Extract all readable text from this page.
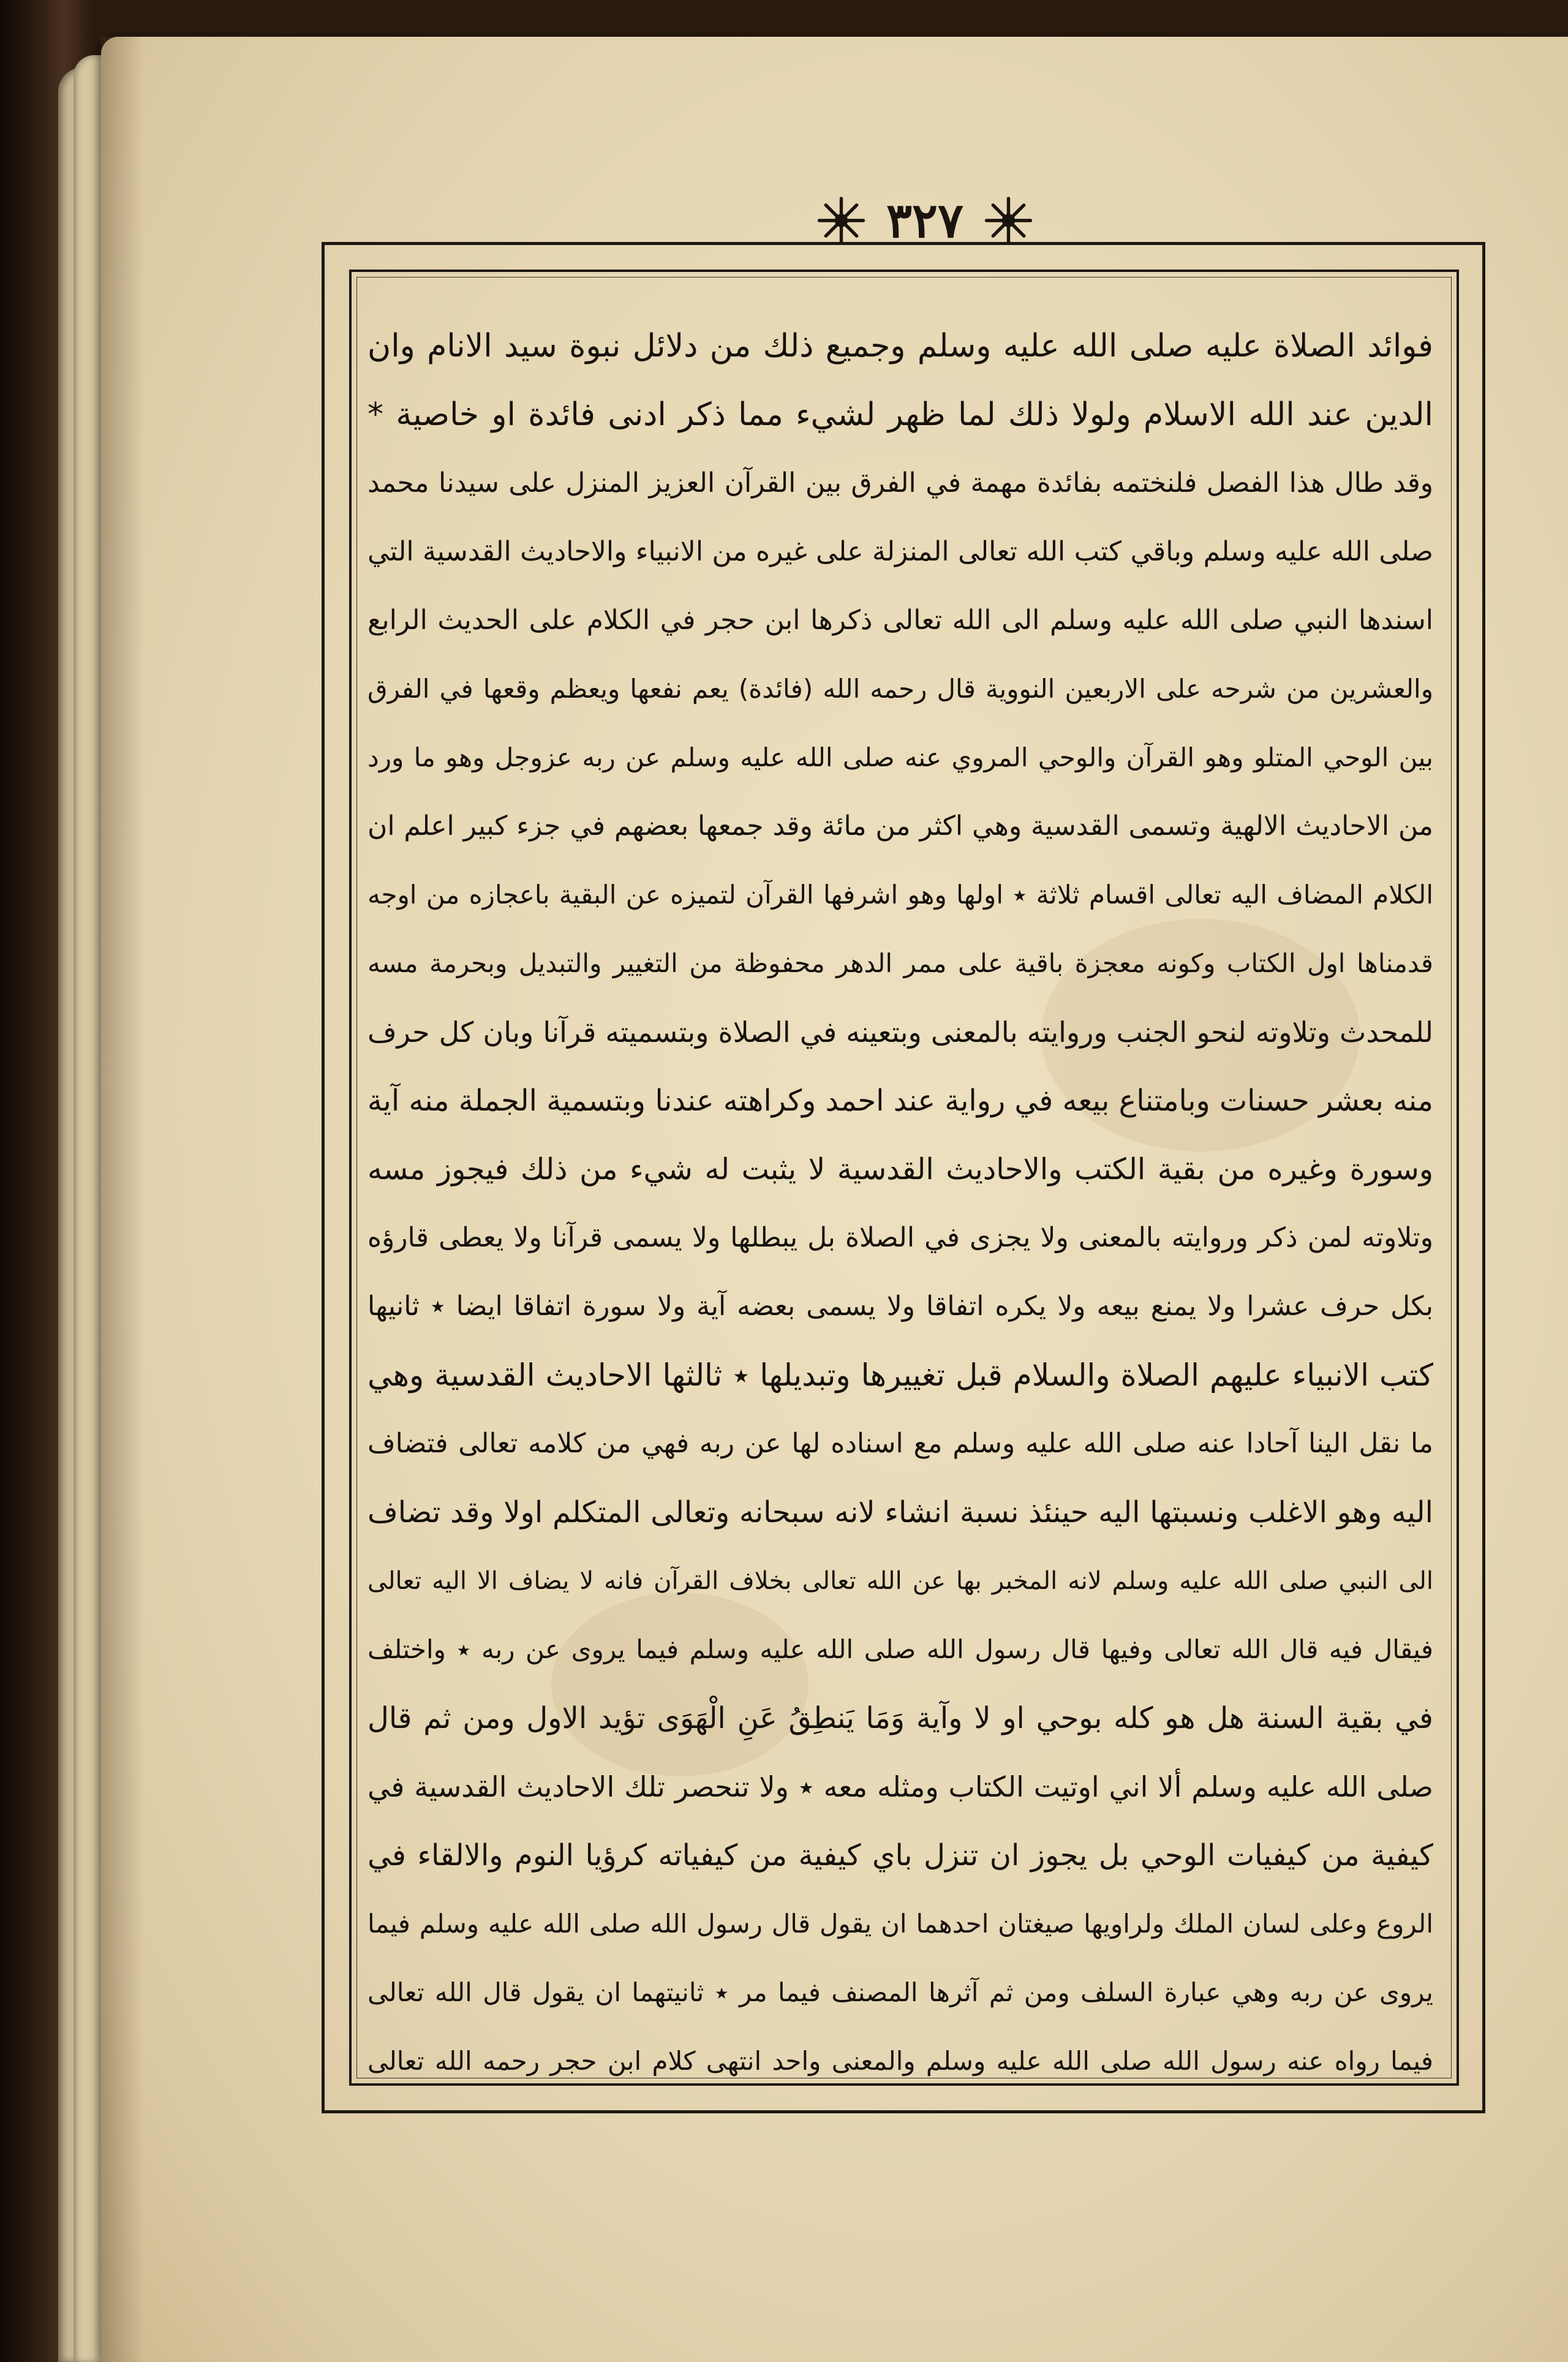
٣٢٧
فوائد الصلاة عليه صلى الله عليه وسلم وجميع ذلك من دلائل نبوة سيد الانام وان
الدين عند الله الاسلام ولولا ذلك لما ظهر لشيء مما ذكر ادنى فائدة او خاصية *
وقد طال هذا الفصل فلنختمه بفائدة مهمة في الفرق بين القرآن العزيز المنزل على سيدنا محمد
صلى الله عليه وسلم وباقي كتب الله تعالى المنزلة على غيره من الانبياء والاحاديث القدسية التي
اسندها النبي صلى الله عليه وسلم الى الله تعالى ذكرها ابن حجر في الكلام على الحديث الرابع
والعشرين من شرحه على الاربعين النووية قال رحمه الله (فائدة) يعم نفعها ويعظم وقعها في الفرق
بين الوحي المتلو وهو القرآن والوحي المروي عنه صلى الله عليه وسلم عن ربه عزوجل وهو ما ورد
من الاحاديث الالهية وتسمى القدسية وهي اكثر من مائة وقد جمعها بعضهم في جزء كبير اعلم ان
الكلام المضاف اليه تعالى اقسام ثلاثة ٭ اولها وهو اشرفها القرآن لتميزه عن البقية باعجازه من اوجه
قدمناها اول الكتاب وكونه معجزة باقية على ممر الدهر محفوظة من التغيير والتبديل وبحرمة مسه
للمحدث وتلاوته لنحو الجنب وروايته بالمعنى وبتعينه في الصلاة وبتسميته قرآنا وبان كل حرف
منه بعشر حسنات وبامتناع بيعه في رواية عند احمد وكراهته عندنا وبتسمية الجملة منه آية
وسورة وغيره من بقية الكتب والاحاديث القدسية لا يثبت له شيء من ذلك فيجوز مسه
وتلاوته لمن ذكر وروايته بالمعنى ولا يجزى في الصلاة بل يبطلها ولا يسمى قرآنا ولا يعطى قارؤه
بكل حرف عشرا ولا يمنع بيعه ولا يكره اتفاقا ولا يسمى بعضه آية ولا سورة اتفاقا ايضا ٭ ثانيها
كتب الانبياء عليهم الصلاة والسلام قبل تغييرها وتبديلها ٭ ثالثها الاحاديث القدسية وهي
ما نقل الينا آحادا عنه صلى الله عليه وسلم مع اسناده لها عن ربه فهي من كلامه تعالى فتضاف
اليه وهو الاغلب ونسبتها اليه حينئذ نسبة انشاء لانه سبحانه وتعالى المتكلم اولا وقد تضاف
الى النبي صلى الله عليه وسلم لانه المخبر بها عن الله تعالى بخلاف القرآن فانه لا يضاف الا اليه تعالى
فيقال فيه قال الله تعالى وفيها قال رسول الله صلى الله عليه وسلم فيما يروى عن ربه ٭ واختلف
في بقية السنة هل هو كله بوحي او لا وآية وَمَا يَنطِقُ عَنِ الْهَوَى تؤيد الاول ومن ثم قال
صلى الله عليه وسلم ألا اني اوتيت الكتاب ومثله معه ٭ ولا تنحصر تلك الاحاديث القدسية في
كيفية من كيفيات الوحي بل يجوز ان تنزل باي كيفية من كيفياته كرؤيا النوم والالقاء في
الروع وعلى لسان الملك ولراويها صيغتان احدهما ان يقول قال رسول الله صلى الله عليه وسلم فيما
يروى عن ربه وهي عبارة السلف ومن ثم آثرها المصنف فيما مر ٭ ثانيتهما ان يقول قال الله تعالى
فيما رواه عنه رسول الله صلى الله عليه وسلم والمعنى واحد انتهى كلام ابن حجر رحمه الله تعالى
